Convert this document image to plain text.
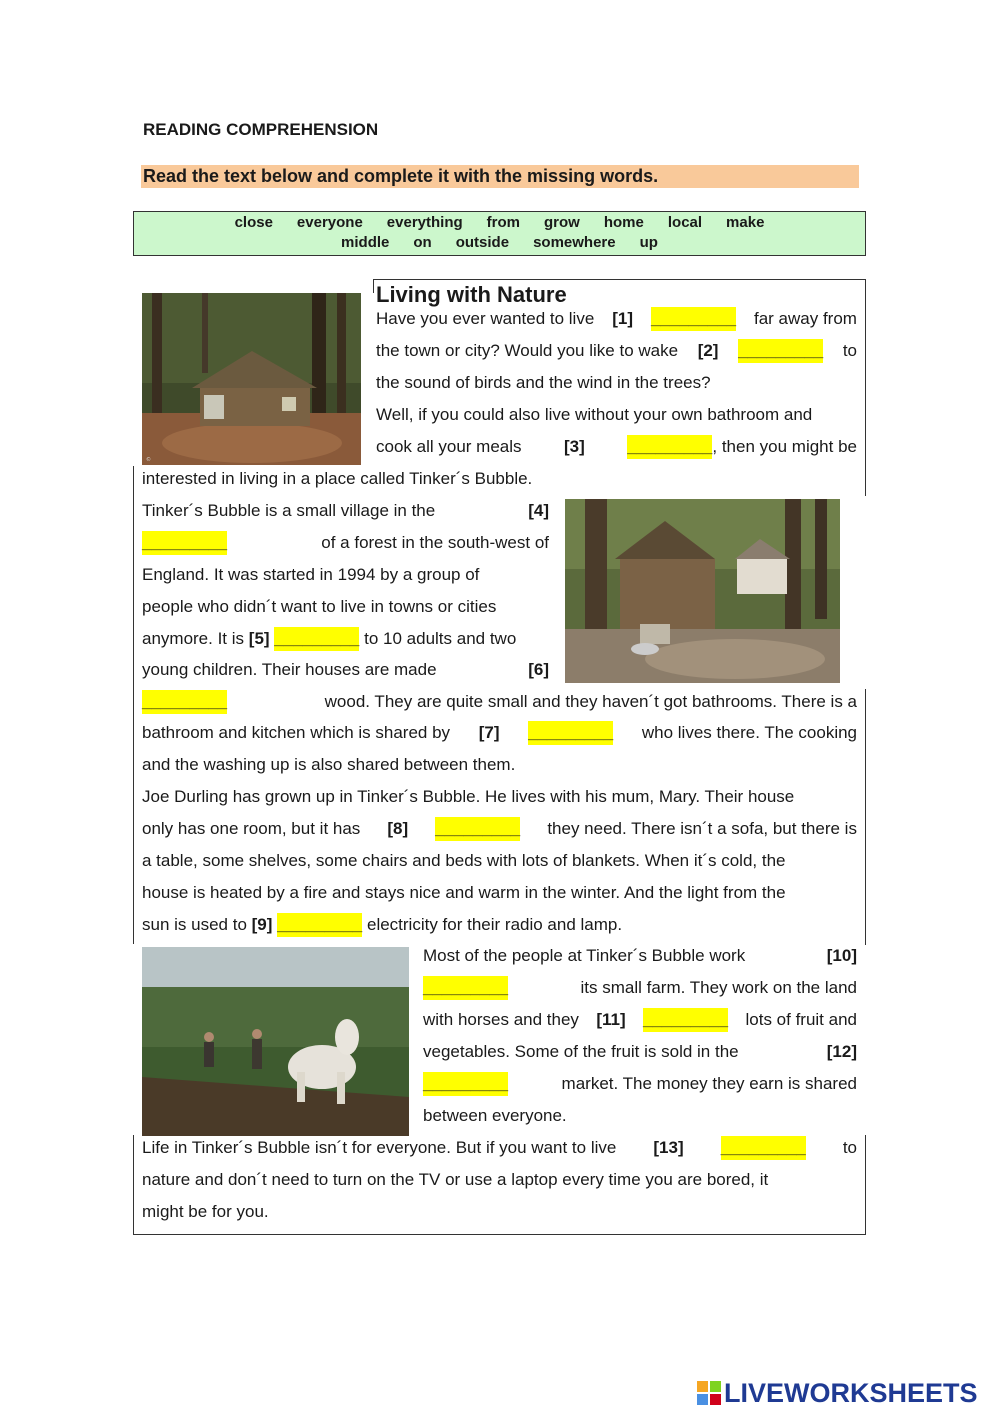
READING COMPREHENSION
Read the text below and complete it with the missing words.
close everyone everything from grow home local make
middle on outside somewhere up
©
Living with Nature
Have you ever wanted to live [1] _________ far away from
the town or city? Would you like to wake [2] _________ to
the sound of birds and the wind in the trees?
Well, if you could also live without your own bathroom and
cook all your meals	[3]	_________, then you might be
interested in living in a place called Tinker´s Bubble.
Tinker´s Bubble is a small village in the	[4]
_________	of a forest in the south-west of
England. It was started in 1994 by a group of
people who didn´t want to live in towns or cities
anymore. It is [5] _________ to 10 adults and two
young children. Their houses are made	[6]
_________	wood. They are quite small and they haven´t got bathrooms. There is a
bathroom and kitchen which is shared by [7] _________ who lives there. The cooking
and the washing up is also shared between them.
Joe Durling has grown up in Tinker´s Bubble. He lives with his mum, Mary. Their house
only has one room, but it has [8] _________ they need. There isn´t a sofa, but there is
a table, some shelves, some chairs and beds with lots of blankets. When it´s cold, the
house is heated by a fire and stays nice and warm in the winter. And the light from the
sun is used to [9] _________ electricity for their radio and lamp.
Most of the people at Tinker´s Bubble work	[10]
_________	its small farm. They work on the land
with horses and they [11] _________ lots of fruit and
vegetables. Some of the fruit is sold in the	[12]
_________	market. The money they earn is shared
between everyone.
Life in Tinker´s Bubble isn´t for everyone. But if you want to live [13] _________ to
nature and don´t need to turn on the TV or use a laptop every time you are bored, it
might be for you.
LIVEWORKSHEETS
